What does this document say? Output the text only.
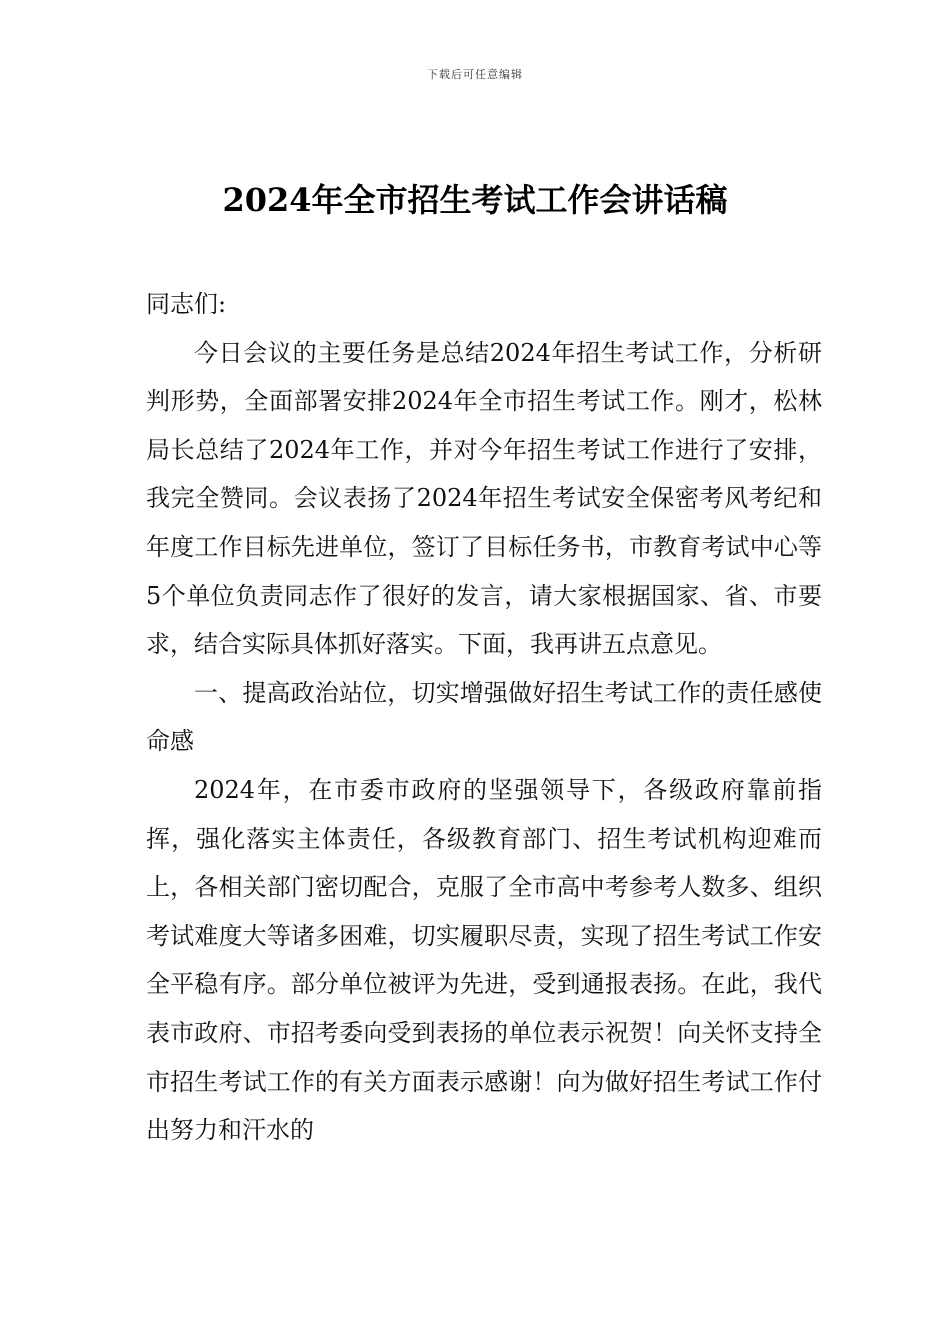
下载后可任意编辑
2024年全市招生考试工作会讲话稿

同志们:

今日会议的主要任务是总结2024年招生考试工作，分析研判形势，全面部署安排2024年全市招生考试工作。刚才，松林局长总结了2024年工作，并对今年招生考试工作进行了安排，我完全赞同。会议表扬了2024年招生考试安全保密考风考纪和年度工作目标先进单位，签订了目标任务书，市教育考试中心等5个单位负责同志作了很好的发言，请大家根据国家、省、市要求，结合实际具体抓好落实。下面，我再讲五点意见。

一、提高政治站位，切实增强做好招生考试工作的责任感使命感

2024年，在市委市政府的坚强领导下，各级政府靠前指挥，强化落实主体责任，各级教育部门、招生考试机构迎难而上，各相关部门密切配合，克服了全市高中考参考人数多、组织考试难度大等诸多困难，切实履职尽责，实现了招生考试工作安全平稳有序。部分单位被评为先进，受到通报表扬。在此，我代表市政府、市招考委向受到表扬的单位表示祝贺！向关怀支持全市招生考试工作的有关方面表示感谢！向为做好招生考试工作付出努力和汗水的
